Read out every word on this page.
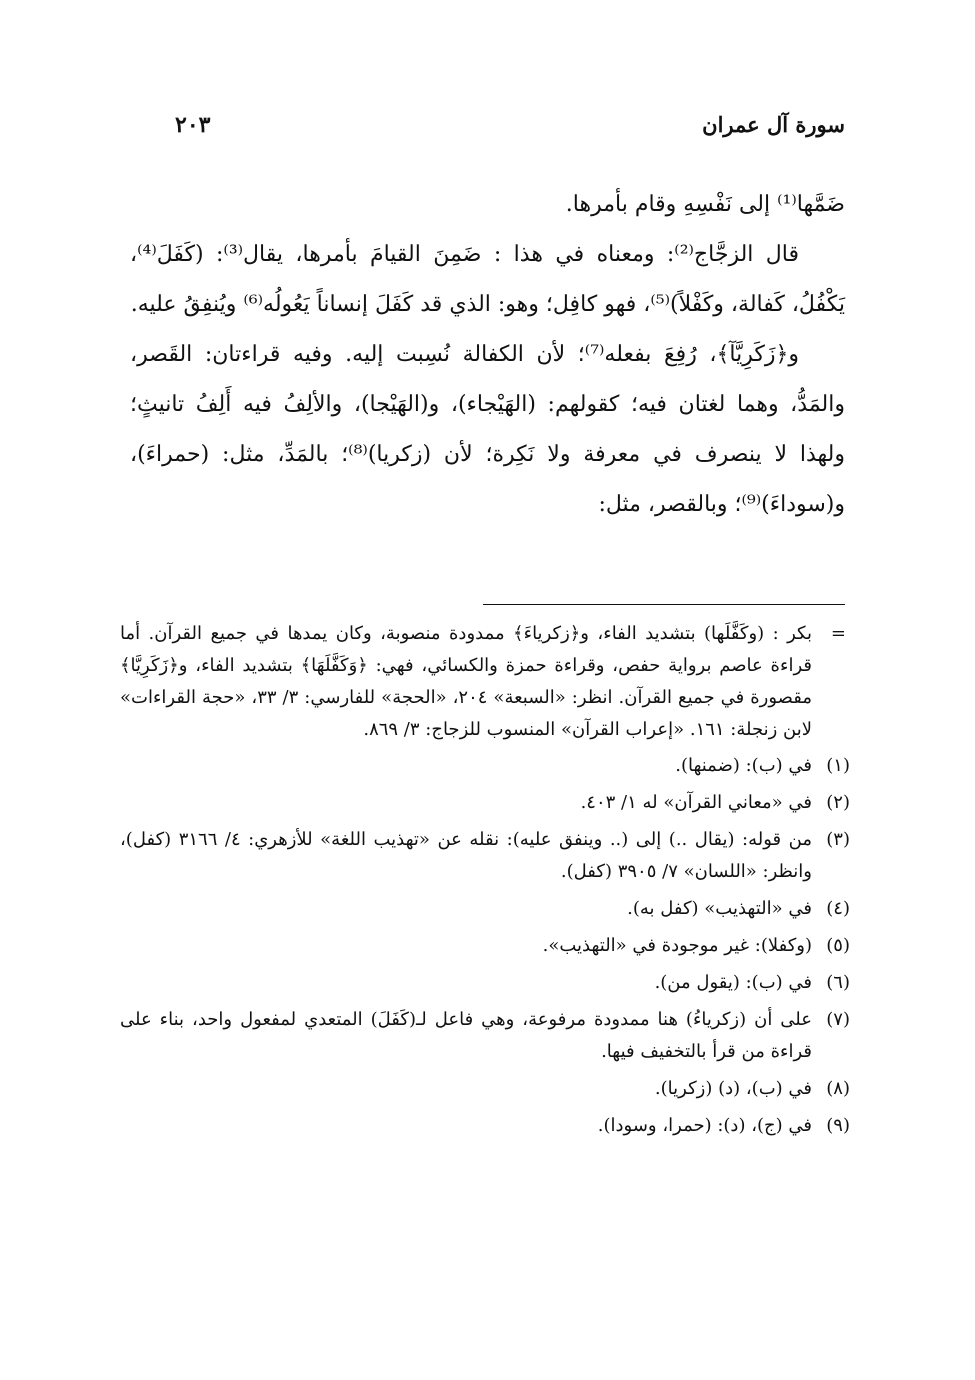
سورة آل عمران
٢٠٣

ضَمَّها⁽¹⁾ إلى نَفْسِهِ وقام بأمرها.

قال الزجَّاج⁽²⁾: ومعناه في هذا : ضَمِنَ القيامَ بأمرها، يقال⁽³⁾: (كَفَلَ⁽⁴⁾، يَكْفُلُ، كَفالة، وكَفْلاً)⁽⁵⁾، فهو كافِل؛ وهو: الذي قد كَفَلَ إنساناً يَعُولُه⁽⁶⁾ ويُنفِقُ عليه.

و﴿زَكَرِيَّآ﴾، رُفِعَ بفعله⁽⁷⁾؛ لأن الكفالة نُسِبت إليه. وفيه قراءتان: القَصر، والمَدُّ، وهما لغتان فيه؛ كقولهم: (الهَيْجاء)، و(الهَيْجا)، والألِفُ فيه أَلِفُ تانيثٍ؛ ولهذا لا ينصرف في معرفة ولا نَكِرة؛ لأن (زكريا)⁽⁸⁾؛ بالمَدِّ، مثل: (حمراءَ)، و(سوداءَ)⁽⁹⁾؛ وبالقصر، مثل:

=
بكر : (وكَفَّلَها) بتشديد الفاء، و﴿زكرياءَ﴾ ممدودة منصوبة، وكان يمدها في جميع القرآن. أما قراءة عاصم برواية حفص، وقراءة حمزة والكسائي، فهي: ﴿وَكَفَّلَهَا﴾ بتشديد الفاء، و﴿زَكَرِيَّا﴾ مقصورة في جميع القرآن. انظر: «السبعة» ٢٠٤، «الحجة» للفارسي: ٣/ ٣٣، «حجة القراءات» لابن زنجلة: ١٦١. «إعراب القرآن» المنسوب للزجاج: ٣/ ٨٦٩.

(١)
في (ب): (ضمنها).

(٢)
في «معاني القرآن» له ١/ ٤٠٣.

(٣)
من قوله: (يقال ..) إلى (.. وينفق عليه): نقله عن «تهذيب اللغة» للأزهري: ٤/ ٣١٦٦ (كفل)، وانظر: «اللسان» ٧/ ٣٩٠٥ (كفل).

(٤)
في «التهذيب» (كفل به).

(٥)
(وكفلا): غير موجودة في «التهذيب».

(٦)
في (ب): (يقول من).

(٧)
على أن (زكرياءُ) هنا ممدودة مرفوعة، وهي فاعل لـ(كَفَلَ) المتعدي لمفعول واحد، بناء على قراءة من قرأ بالتخفيف فيها.

(٨)
في (ب)، (د) (زكريا).

(٩)
في (ج)، (د): (حمرا، وسودا).
